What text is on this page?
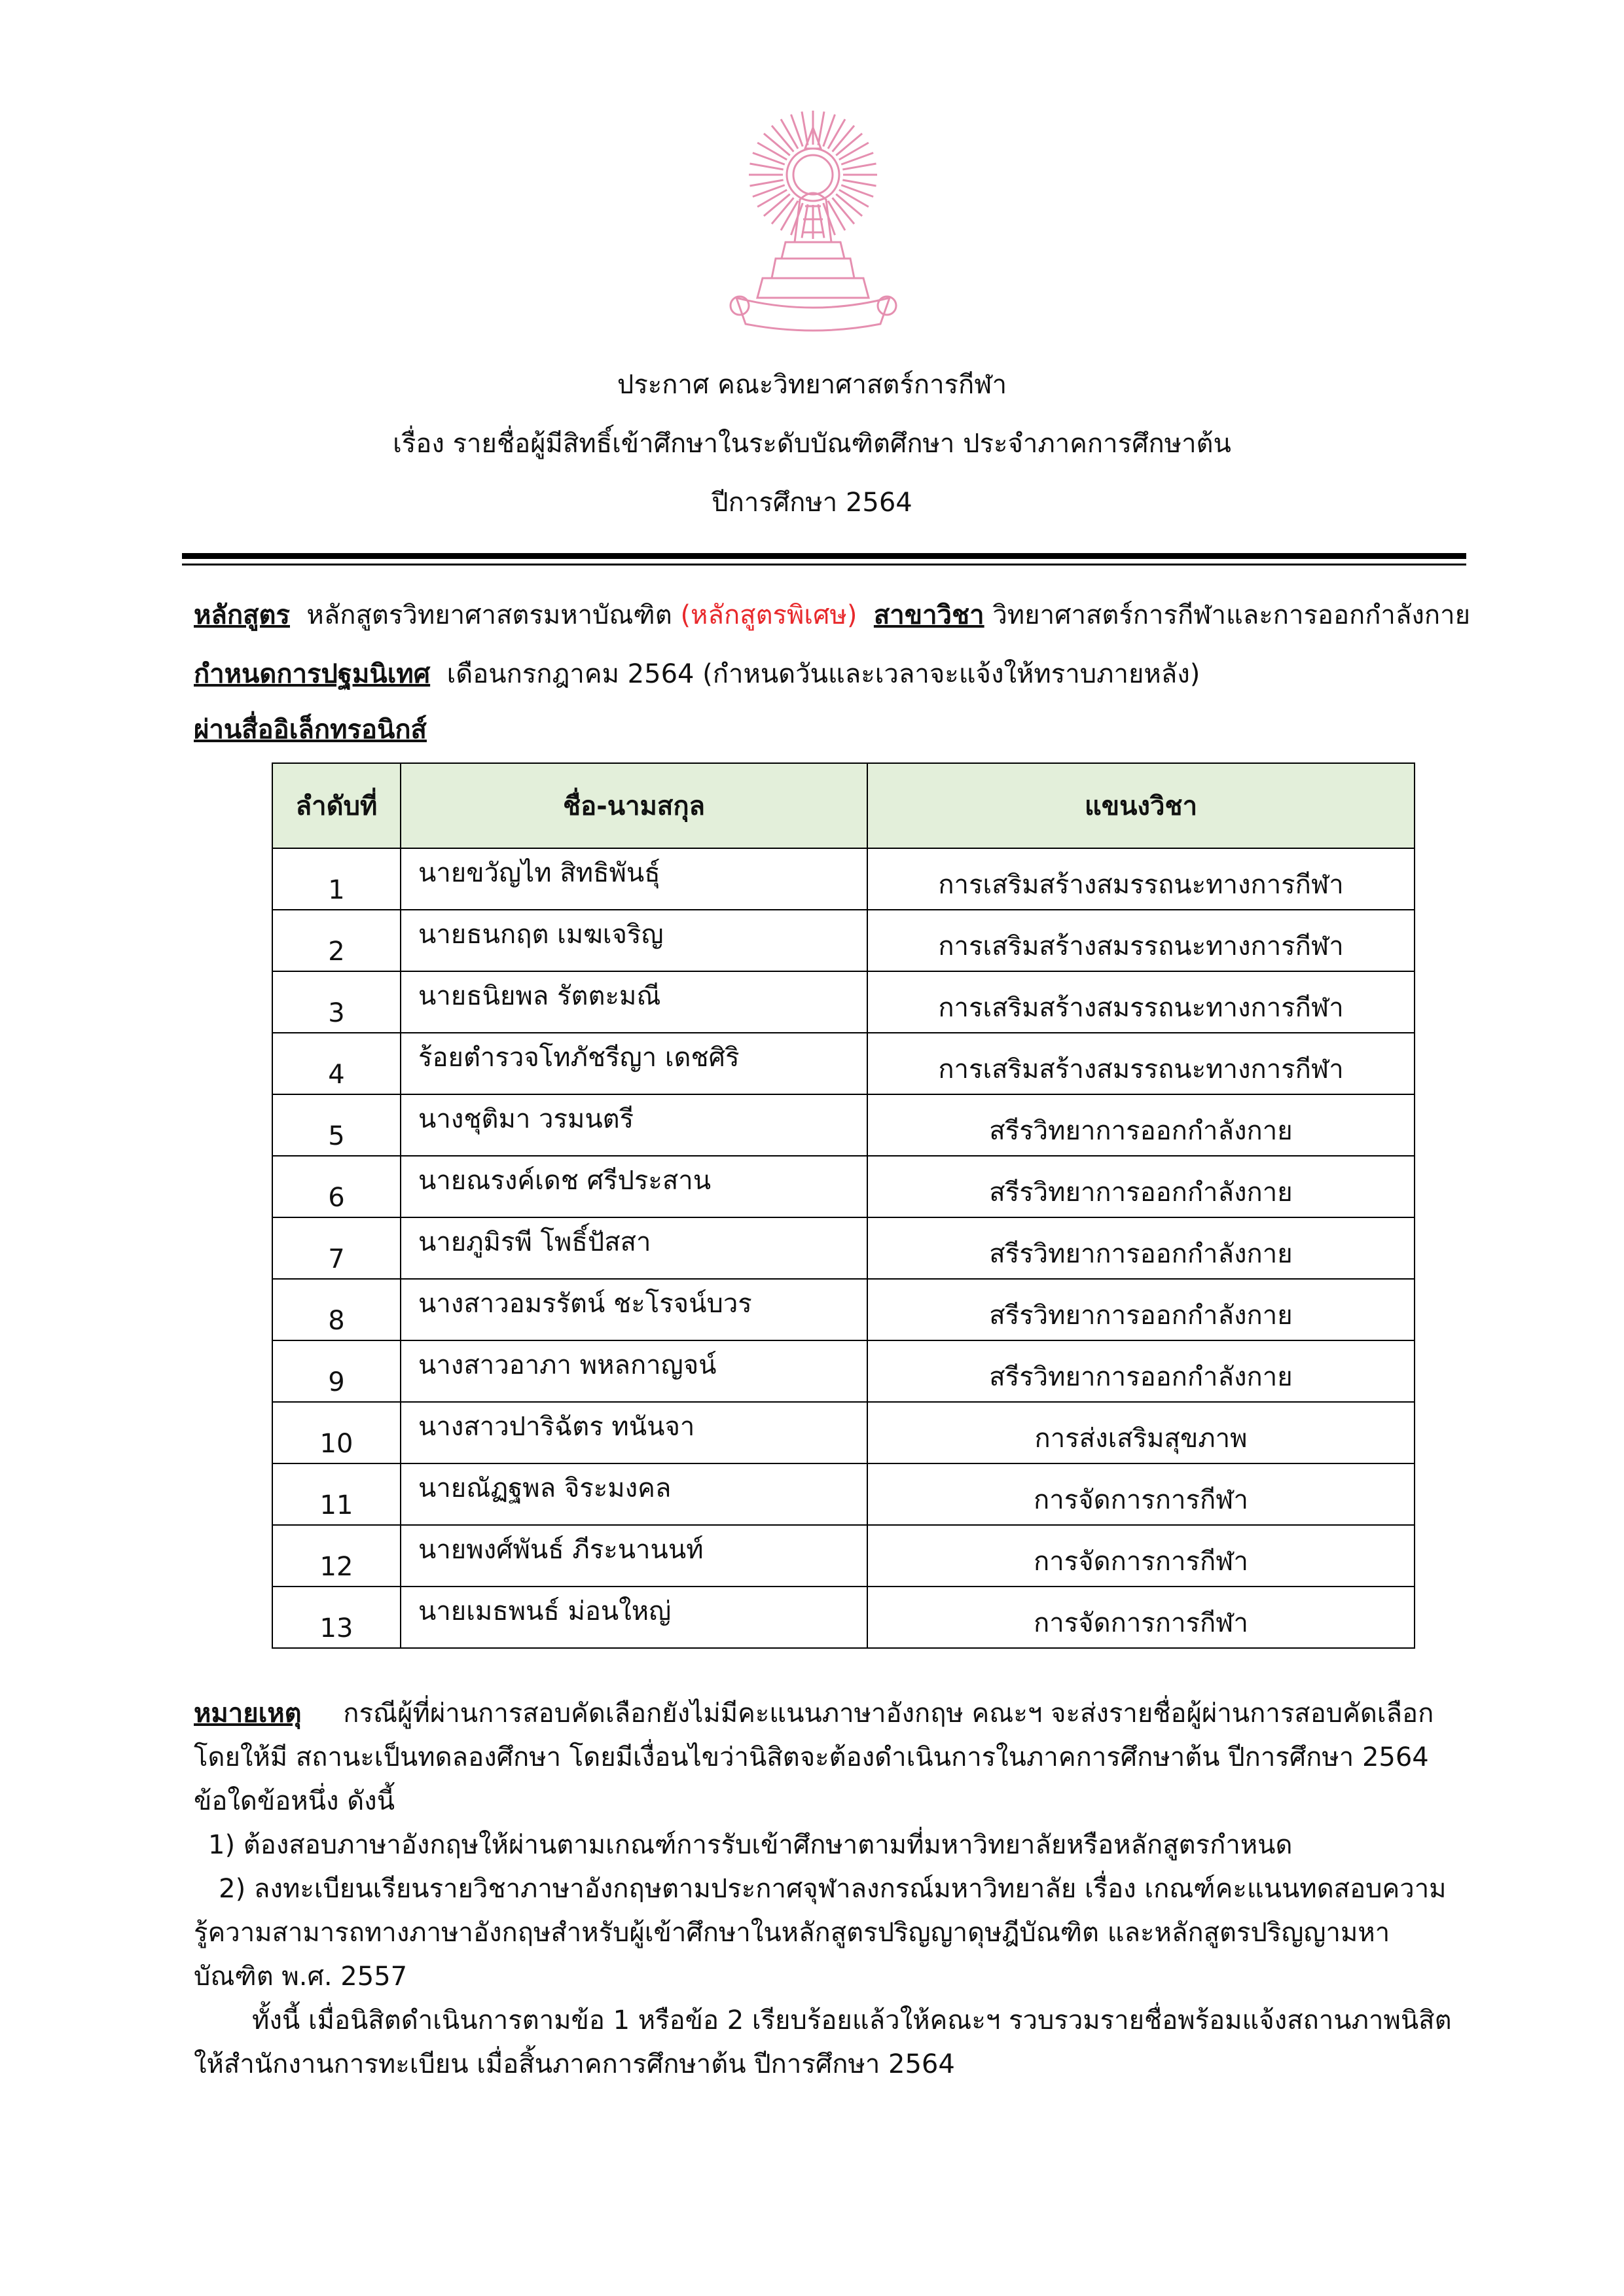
ประกาศ คณะวิทยาศาสตร์การกีฬา
เรื่อง รายชื่อผู้มีสิทธิ์เข้าศึกษาในระดับบัณฑิตศึกษา ประจำภาคการศึกษาต้น
ปีการศึกษา 2564
หลักสูตร หลักสูตรวิทยาศาสตรมหาบัณฑิต (หลักสูตรพิเศษ) สาขาวิชา วิทยาศาสตร์การกีฬาและการออกกำลังกาย
กำหนดการปฐมนิเทศ เดือนกรกฎาคม 2564 (กำหนดวันและเวลาจะแจ้งให้ทราบภายหลัง)
ผ่านสื่ออิเล็กทรอนิกส์
ลำดับที่	ชื่อ-นามสกุล	แขนงวิชา
1	นายขวัญไท สิทธิพันธุ์	การเสริมสร้างสมรรถนะทางการกีฬา
2	นายธนกฤต เมฆเจริญ	การเสริมสร้างสมรรถนะทางการกีฬา
3	นายธนิยพล รัตตะมณี	การเสริมสร้างสมรรถนะทางการกีฬา
4	ร้อยตำรวจโทภัชรีญา เดชศิริ	การเสริมสร้างสมรรถนะทางการกีฬา
5	นางชุติมา วรมนตรี	สรีรวิทยาการออกกำลังกาย
6	นายณรงค์เดช ศรีประสาน	สรีรวิทยาการออกกำลังกาย
7	นายภูมิรพี โพธิ์ปัสสา	สรีรวิทยาการออกกำลังกาย
8	นางสาวอมรรัตน์ ชะโรจน์บวร	สรีรวิทยาการออกกำลังกาย
9	นางสาวอาภา พหลกาญจน์	สรีรวิทยาการออกกำลังกาย
10	นางสาวปาริฉัตร ทนันจา	การส่งเสริมสุขภาพ
11	นายณัฏฐพล จิระมงคล	การจัดการการกีฬา
12	นายพงศ์พันธ์ ภีระนานนท์	การจัดการการกีฬา
13	นายเมธพนธ์ ม่อนใหญ่	การจัดการการกีฬา

หมายเหตุ กรณีผู้ที่ผ่านการสอบคัดเลือกยังไม่มีคะแนนภาษาอังกฤษ คณะฯ จะส่งรายชื่อผู้ผ่านการสอบคัดเลือก โดยให้มี สถานะเป็นทดลองศึกษา โดยมีเงื่อนไขว่านิสิตจะต้องดำเนินการในภาคการศึกษาต้น ปีการศึกษา 2564 ข้อใดข้อหนึ่ง ดังนี้

1) ต้องสอบภาษาอังกฤษให้ผ่านตามเกณฑ์การรับเข้าศึกษาตามที่มหาวิทยาลัยหรือหลักสูตรกำหนด

2) ลงทะเบียนเรียนรายวิชาภาษาอังกฤษตามประกาศจุฬาลงกรณ์มหาวิทยาลัย เรื่อง เกณฑ์คะแนนทดสอบความรู้ความสามารถทางภาษาอังกฤษสำหรับผู้เข้าศึกษาในหลักสูตรปริญญาดุษฎีบัณฑิต และหลักสูตรปริญญามหาบัณฑิต พ.ศ. 2557

ทั้งนี้ เมื่อนิสิตดำเนินการตามข้อ 1 หรือข้อ 2 เรียบร้อยแล้วให้คณะฯ รวบรวมรายชื่อพร้อมแจ้งสถานภาพนิสิตให้สำนักงานการทะเบียน เมื่อสิ้นภาคการศึกษาต้น ปีการศึกษา 2564
